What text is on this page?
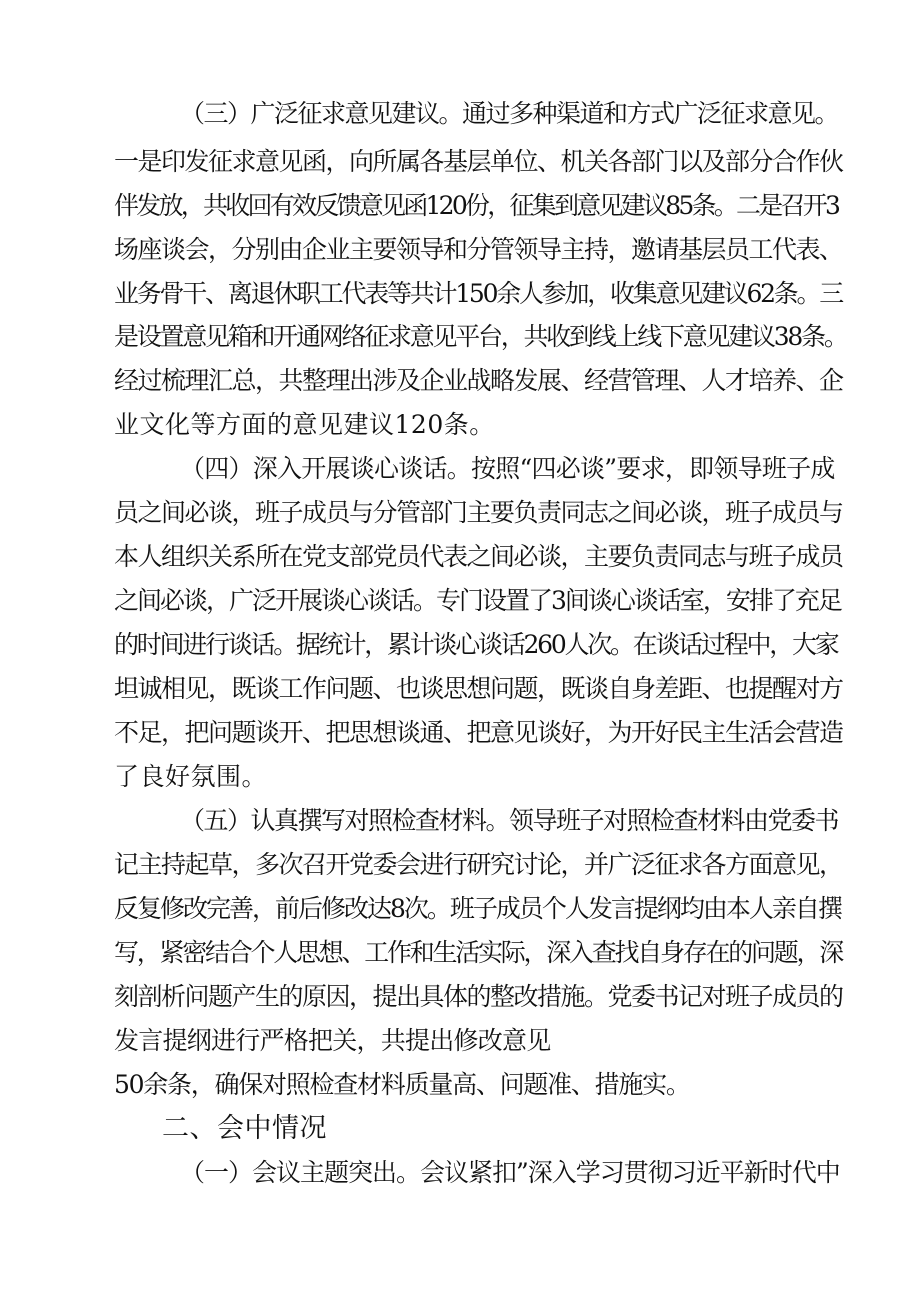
（三）广泛征求意见建议。通过多种渠道和方式广泛征求意见。
一是印发征求意见函，向所属各基层单位、机关各部门以及部分合作伙
伴发放，共收回有效反馈意见函120份，征集到意见建议85条。二是召开3
场座谈会，分别由企业主要领导和分管领导主持，邀请基层员工代表、
业务骨干、离退休职工代表等共计150余人参加，收集意见建议62条。三
是设置意见箱和开通网络征求意见平台，共收到线上线下意见建议38条。
经过梳理汇总，共整理出涉及企业战略发展、经营管理、人才培养、企
业文化等方面的意见建议120条。
（四）深入开展谈心谈话。按照“四必谈”要求，即领导班子成
员之间必谈，班子成员与分管部门主要负责同志之间必谈，班子成员与
本人组织关系所在党支部党员代表之间必谈，主要负责同志与班子成员
之间必谈，广泛开展谈心谈话。专门设置了3间谈心谈话室，安排了充足
的时间进行谈话。据统计，累计谈心谈话260人次。在谈话过程中，大家
坦诚相见，既谈工作问题、也谈思想问题，既谈自身差距、也提醒对方
不足，把问题谈开、把思想谈通、把意见谈好，为开好民主生活会营造
了良好氛围。
（五）认真撰写对照检查材料。领导班子对照检查材料由党委书
记主持起草，多次召开党委会进行研究讨论，并广泛征求各方面意见，
反复修改完善，前后修改达8次。班子成员个人发言提纲均由本人亲自撰
写，紧密结合个人思想、工作和生活实际，深入查找自身存在的问题，深
刻剖析问题产生的原因，提出具体的整改措施。党委书记对班子成员的
发言提纲进行严格把关，共提出修改意见
50余条，确保对照检查材料质量高、问题准、措施实。
二、会中情况
（一）会议主题突出。会议紧扣”深入学习贯彻习近平新时代中
